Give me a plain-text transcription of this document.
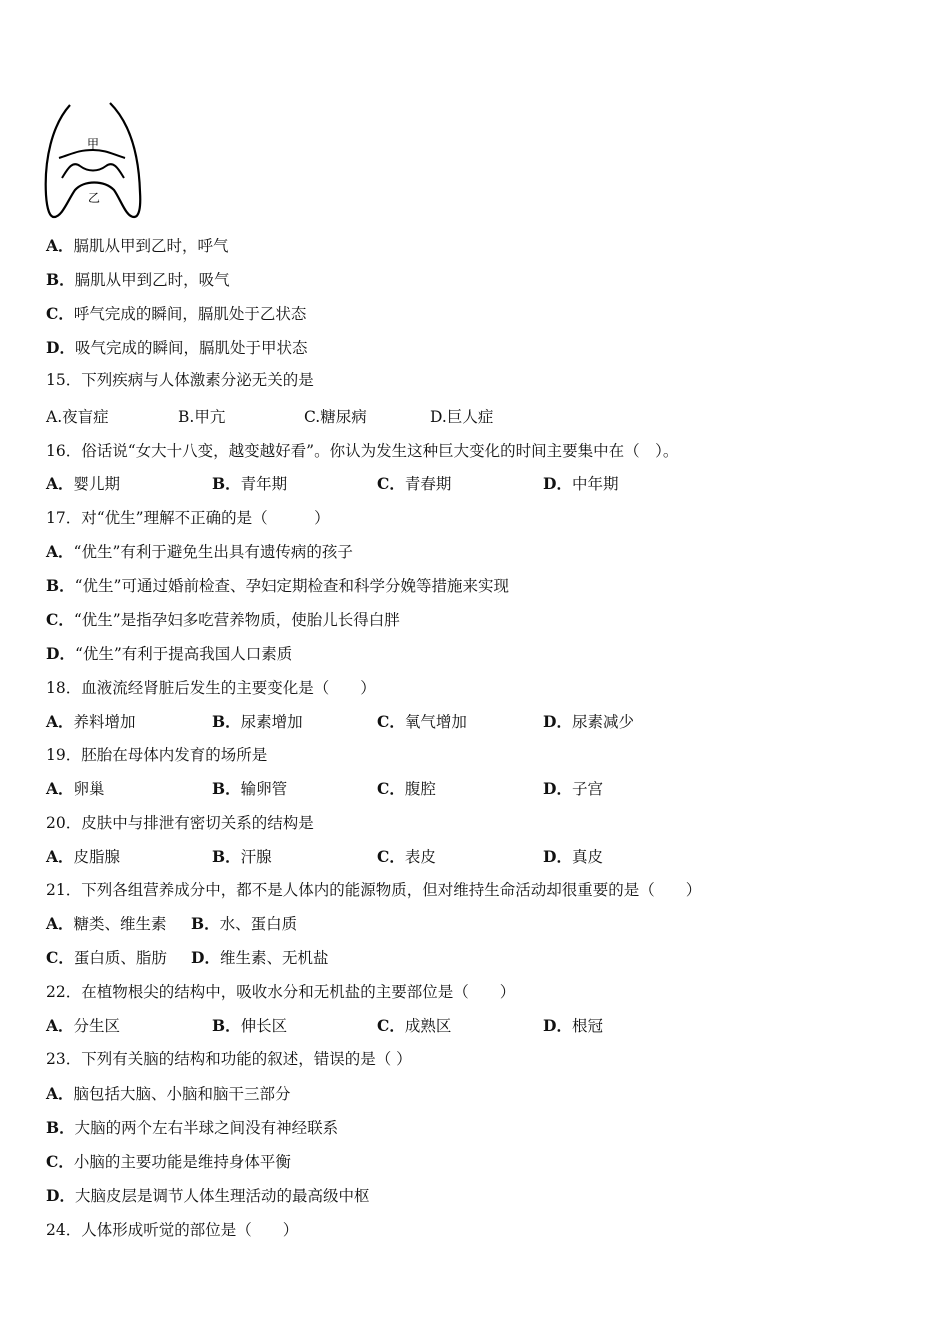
甲
乙
A．膈肌从甲到乙时，呼气
B．膈肌从甲到乙时，吸气
C．呼气完成的瞬间，膈肌处于乙状态
D．吸气完成的瞬间，膈肌处于甲状态
15．下列疾病与人体激素分泌无关的是
A.夜盲症	B.甲亢	C.糖尿病	D.巨人症
16．俗话说“女大十八变，越变越好看”。你认为发生这种巨大变化的时间主要集中在（　）。
A．婴儿期	B．青年期	C．青春期	D．中年期
17．对“优生”理解不正确的是（　　　）
A．“优生”有利于避免生出具有遗传病的孩子
B．“优生”可通过婚前检查、孕妇定期检查和科学分娩等措施来实现
C．“优生”是指孕妇多吃营养物质，使胎儿长得白胖
D．“优生”有利于提高我国人口素质
18．血液流经肾脏后发生的主要变化是（　　）
A．养料增加	B．尿素增加	C．氧气增加	D．尿素减少
19．胚胎在母体内发育的场所是
A．卵巢	B．输卵管	C．腹腔	D．子宫
20．皮肤中与排泄有密切关系的结构是
A．皮脂腺	B．汗腺	C．表皮	D．真皮
21．下列各组营养成分中，都不是人体内的能源物质，但对维持生命活动却很重要的是（　　）
A．糖类、维生素 B．水、蛋白质
C．蛋白质、脂肪 D．维生素、无机盐
22．在植物根尖的结构中，吸收水分和无机盐的主要部位是（　　）
A．分生区	B．伸长区	C．成熟区	D．根冠
23．下列有关脑的结构和功能的叙述，错误的是（ ）
A．脑包括大脑、小脑和脑干三部分
B．大脑的两个左右半球之间没有神经联系
C．小脑的主要功能是维持身体平衡
D．大脑皮层是调节人体生理活动的最高级中枢
24．人体形成听觉的部位是（　　）
